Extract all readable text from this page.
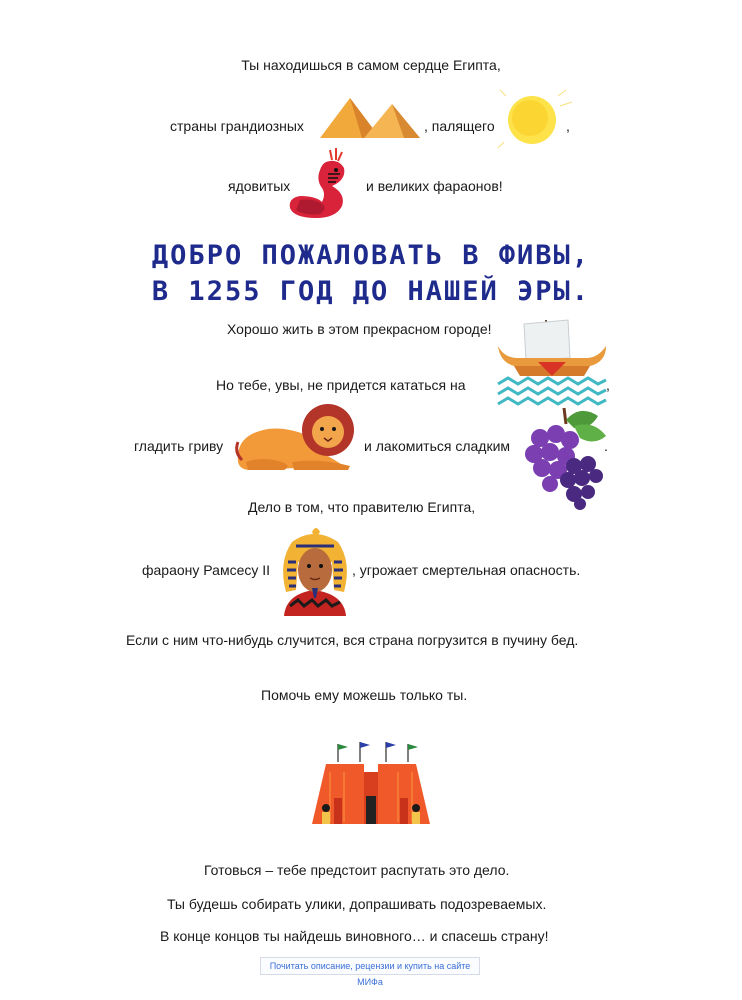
Ты находишься в самом сердце Египта,
страны грандиозных	, палящего	,
ядовитых	и великих фараонов!
ДОБРО ПОЖАЛОВАТЬ В ФИВЫ,
В 1255 ГОД ДО НАШЕЙ ЭРЫ.
Хорошо жить в этом прекрасном городе!
Но тебе, увы, не придется кататься на	,
гладить гриву	и лакомиться сладким	.
Дело в том, что правителю Египта,
фараону Рамсесу II	, угрожает смертельная опасность.
Если с ним что-нибудь случится, вся страна погрузится в пучину бед.
Помочь ему можешь только ты.
Готовься – тебе предстоит распутать это дело.
Ты будешь собирать улики, допрашивать подозреваемых.
В конце концов ты найдешь виновного… и спасешь страну!
Почитать описание, рецензии и купить на сайте МИФа
